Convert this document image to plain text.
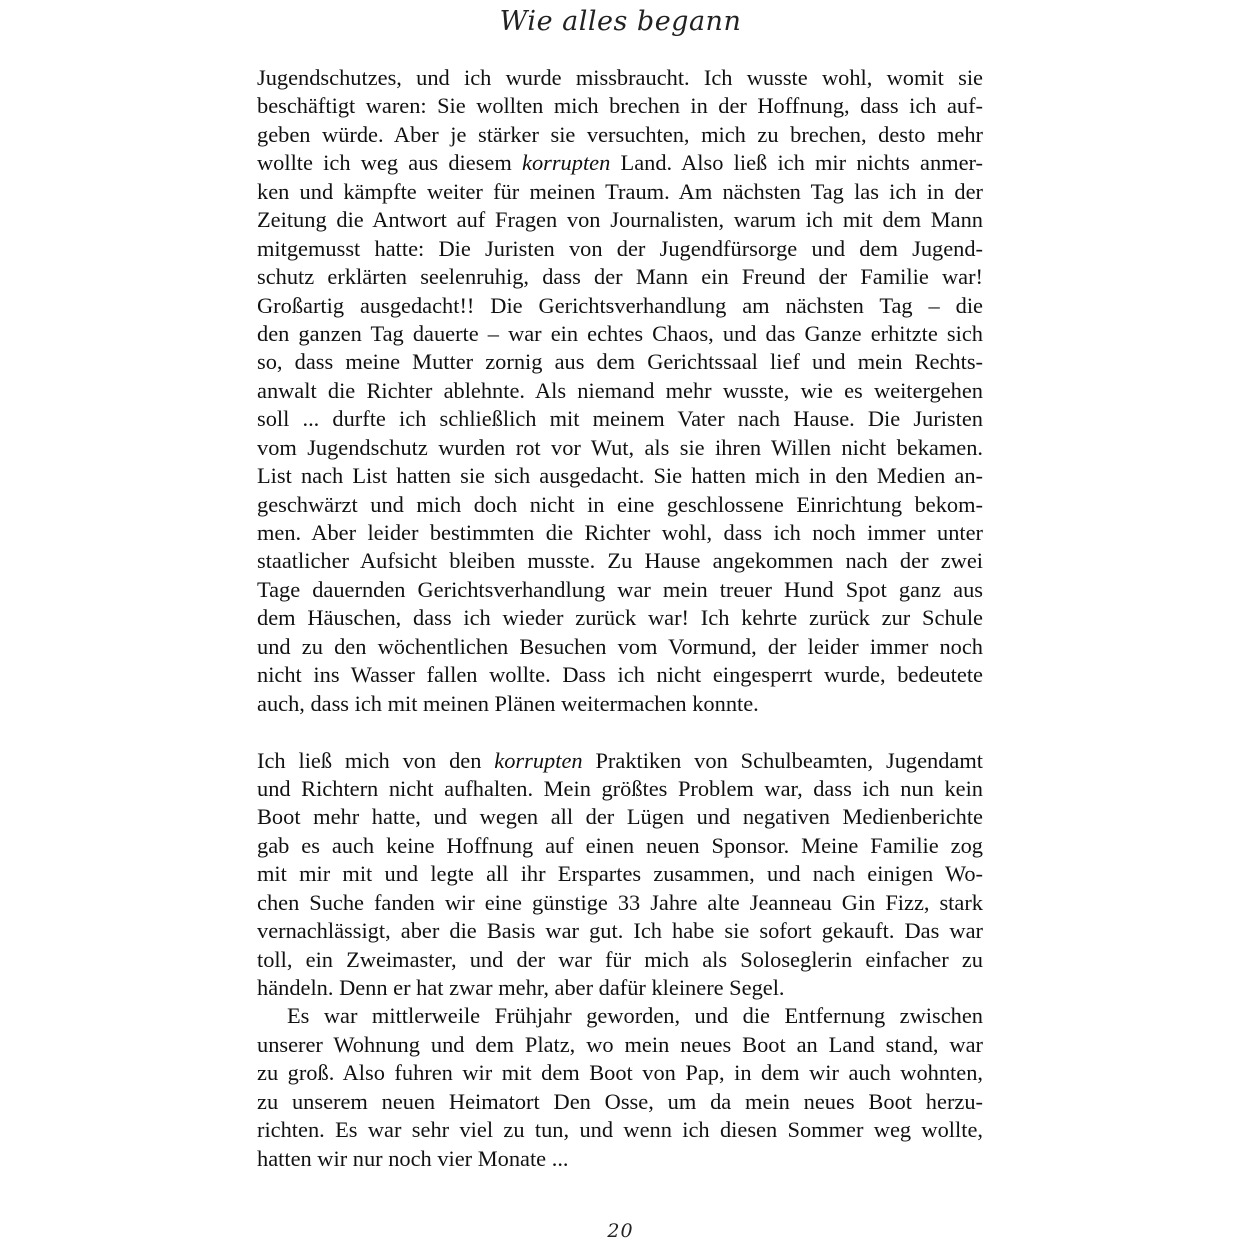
Wie alles begann
Jugendschutzes, und ich wurde missbraucht. Ich wusste wohl, womit sie
beschäftigt waren: Sie wollten mich brechen in der Hoffnung, dass ich auf-
geben würde. Aber je stärker sie versuchten, mich zu brechen, desto mehr
wollte ich weg aus diesem korrupten Land. Also ließ ich mir nichts anmer-
ken und kämpfte weiter für meinen Traum. Am nächsten Tag las ich in der
Zeitung die Antwort auf Fragen von Journalisten, warum ich mit dem Mann
mitgemusst hatte: Die Juristen von der Jugendfürsorge und dem Jugend-
schutz erklärten seelenruhig, dass der Mann ein Freund der Familie war!
Großartig ausgedacht!! Die Gerichtsverhandlung am nächsten Tag – die
den ganzen Tag dauerte – war ein echtes Chaos, und das Ganze erhitzte sich
so, dass meine Mutter zornig aus dem Gerichtssaal lief und mein Rechts-
anwalt die Richter ablehnte. Als niemand mehr wusste, wie es weitergehen
soll ... durfte ich schließlich mit meinem Vater nach Hause. Die Juristen
vom Jugendschutz wurden rot vor Wut, als sie ihren Willen nicht bekamen.
List nach List hatten sie sich ausgedacht. Sie hatten mich in den Medien an-
geschwärzt und mich doch nicht in eine geschlossene Einrichtung bekom-
men. Aber leider bestimmten die Richter wohl, dass ich noch immer unter
staatlicher Aufsicht bleiben musste. Zu Hause angekommen nach der zwei
Tage dauernden Gerichtsverhandlung war mein treuer Hund Spot ganz aus
dem Häuschen, dass ich wieder zurück war! Ich kehrte zurück zur Schule
und zu den wöchentlichen Besuchen vom Vormund, der leider immer noch
nicht ins Wasser fallen wollte. Dass ich nicht eingesperrt wurde, bedeutete
auch, dass ich mit meinen Plänen weitermachen konnte.
Ich ließ mich von den korrupten Praktiken von Schulbeamten, Jugendamt
und Richtern nicht aufhalten. Mein größtes Problem war, dass ich nun kein
Boot mehr hatte, und wegen all der Lügen und negativen Medienberichte
gab es auch keine Hoffnung auf einen neuen Sponsor. Meine Familie zog
mit mir mit und legte all ihr Erspartes zusammen, und nach einigen Wo-
chen Suche fanden wir eine günstige 33 Jahre alte Jeanneau Gin Fizz, stark
vernachlässigt, aber die Basis war gut. Ich habe sie sofort gekauft. Das war
toll, ein Zweimaster, und der war für mich als Soloseglerin einfacher zu
händeln. Denn er hat zwar mehr, aber dafür kleinere Segel.
Es war mittlerweile Frühjahr geworden, und die Entfernung zwischen
unserer Wohnung und dem Platz, wo mein neues Boot an Land stand, war
zu groß. Also fuhren wir mit dem Boot von Pap, in dem wir auch wohnten,
zu unserem neuen Heimatort Den Osse, um da mein neues Boot herzu-
richten. Es war sehr viel zu tun, und wenn ich diesen Sommer weg wollte,
hatten wir nur noch vier Monate ...
20
